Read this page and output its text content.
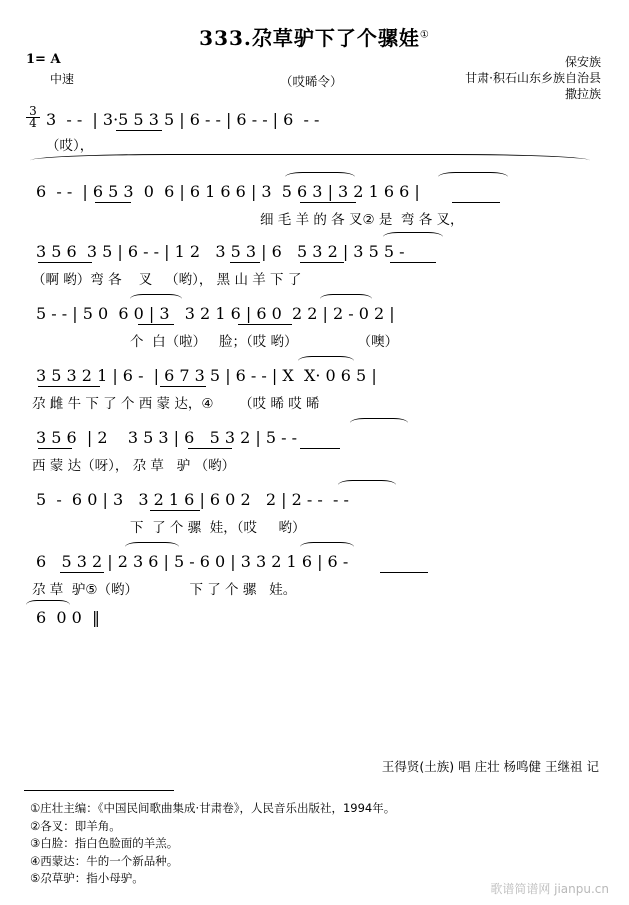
333.尕草驴下了个骡娃①
1= A
中速	（哎晞令）
保安族
甘肃·积石山东乡族自治县
撒拉族
$\frac{3}{4} 3$  - -  | 3·5 5 3 5 | 6 - - | 6 - - | 6  - -
（哎），
6  - -  | 6 5 3  0  6 | 6 1 6 6 | 3  5 6 3 | 3 2 1 6 6 |
细 毛 羊 的 各 叉② 是  弯 各 叉，
3 5 6  3 5 | 6 - - | 1 2   3 5 3 | 6   5 3 2 | 3 5 5 -
（啊 哟）弯 各    叉   （哟）， 黑 山 羊 下 了
5 - - | 5 0  6 0 | 3   3 2 1 6 | 6 0  2 2 | 2 - 0 2 |
个  白（啦）   脸；（哎 哟）              （噢）
3 5 3 2 1 | 6 -  | 6 7 3 5 | 6 - - | X  X· 0 6 5 |
尕 雌 牛 下 了 个 西 蒙 达，④      （哎 晞 哎 晞
3 5 6  | 2    3 5 3 | 6   5 3 2 | 5 - -
西 蒙 达（呀）， 尕 草   驴 （哟）
5  -  6 0 | 3   3 2 1 6 | 6 0 2   2 | 2 - -  - -
下  了 个 骡  娃，（哎     哟）
6   5 3 2 | 2 3 6 | 5 - 6 0 | 3 3 2 1 6 | 6 -
尕 草  驴⑤（哟）            下 了 个 骡   娃。
6  0 0  ‖
王得贤(土族) 唱 庄壮 杨鸣健 王继祖 记
①庄壮主编：《中国民间歌曲集成·甘肃卷》，人民音乐出版社，1994年。
②各叉：即羊角。
③白脸：指白色脸面的羊羔。
④西蒙达：牛的一个新品种。
⑤尕草驴：指小母驴。
歌谱简谱网 jianpu.cn
